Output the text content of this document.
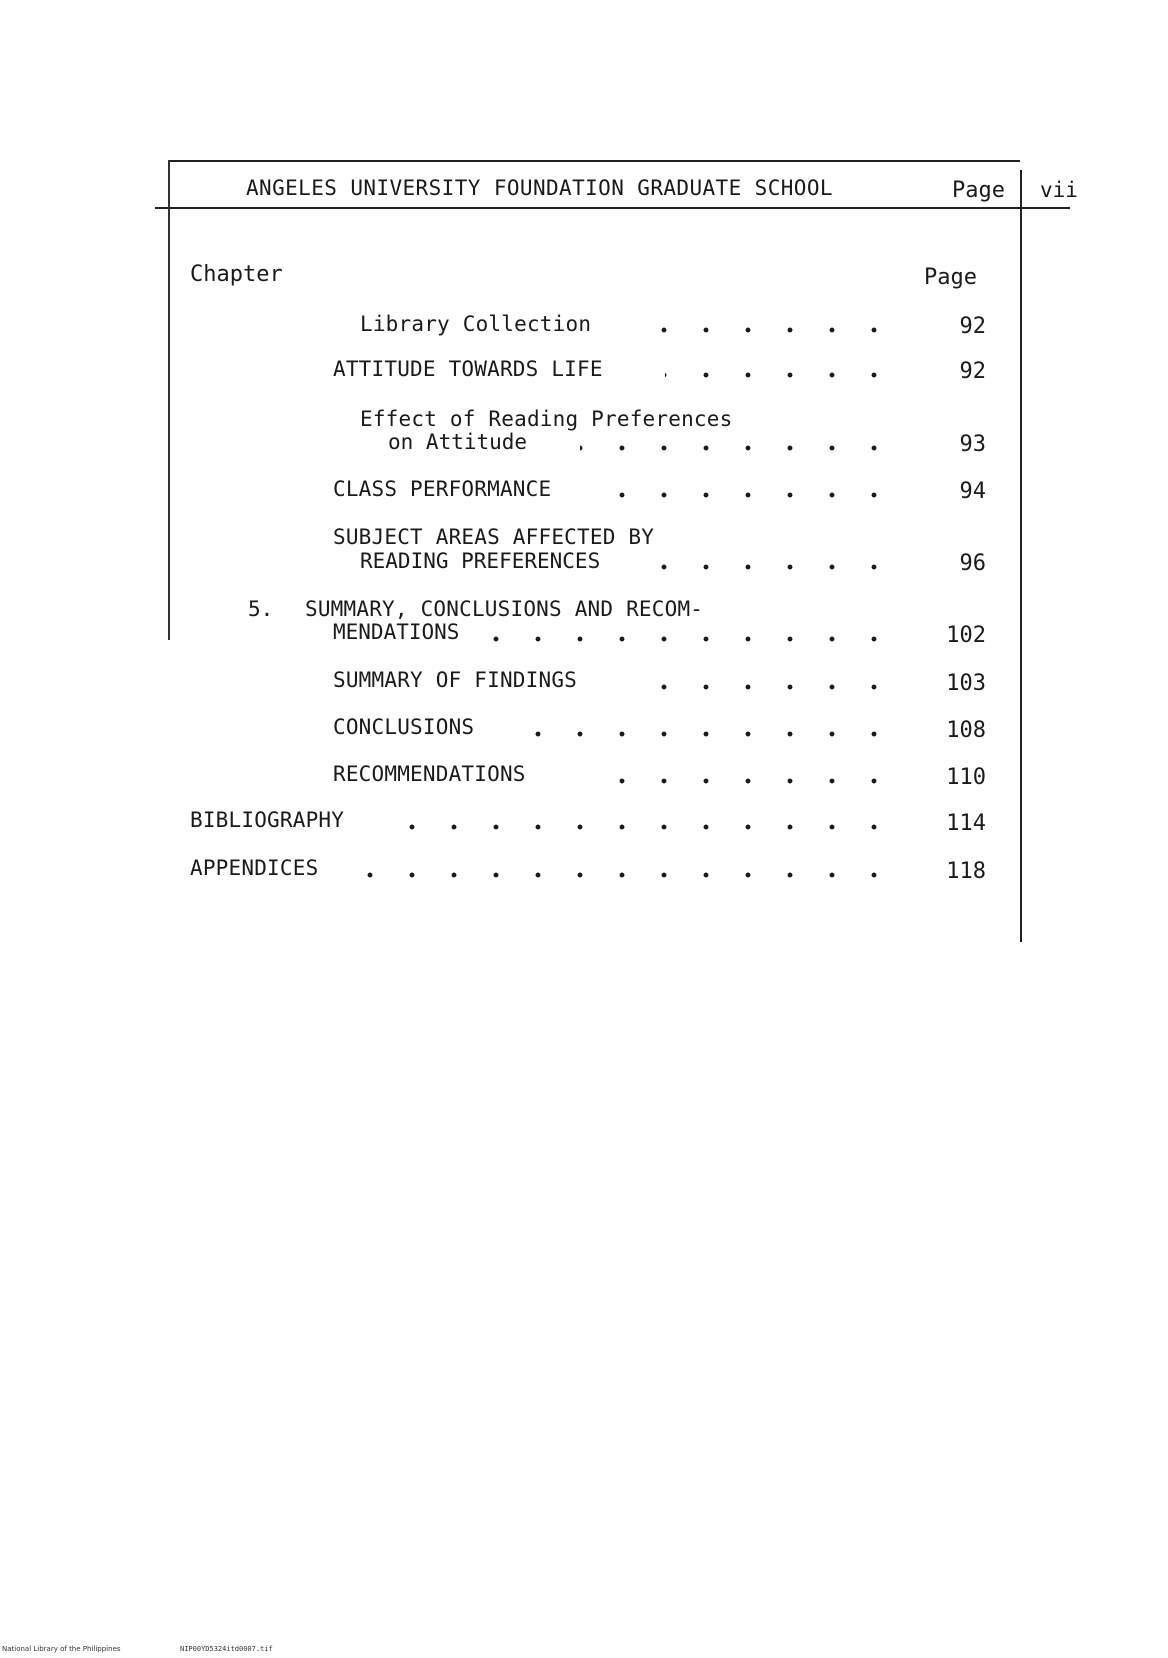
ANGELES UNIVERSITY FOUNDATION GRADUATE SCHOOL	Page vii
Chapter	Page
Library Collection	92
ATTITUDE TOWARDS LIFE	92
Effect of Reading Preferences
on Attitude	93
CLASS PERFORMANCE	94
SUBJECT AREAS AFFECTED BY
READING PREFERENCES	96
5. SUMMARY, CONCLUSIONS AND RECOM-
MENDATIONS	102
SUMMARY OF FINDINGS	103
CONCLUSIONS	108
RECOMMENDATIONS	110
BIBLIOGRAPHY	114
APPENDICES	118
National Library of the Philippines	NIP00YD5324itd0007.tif
